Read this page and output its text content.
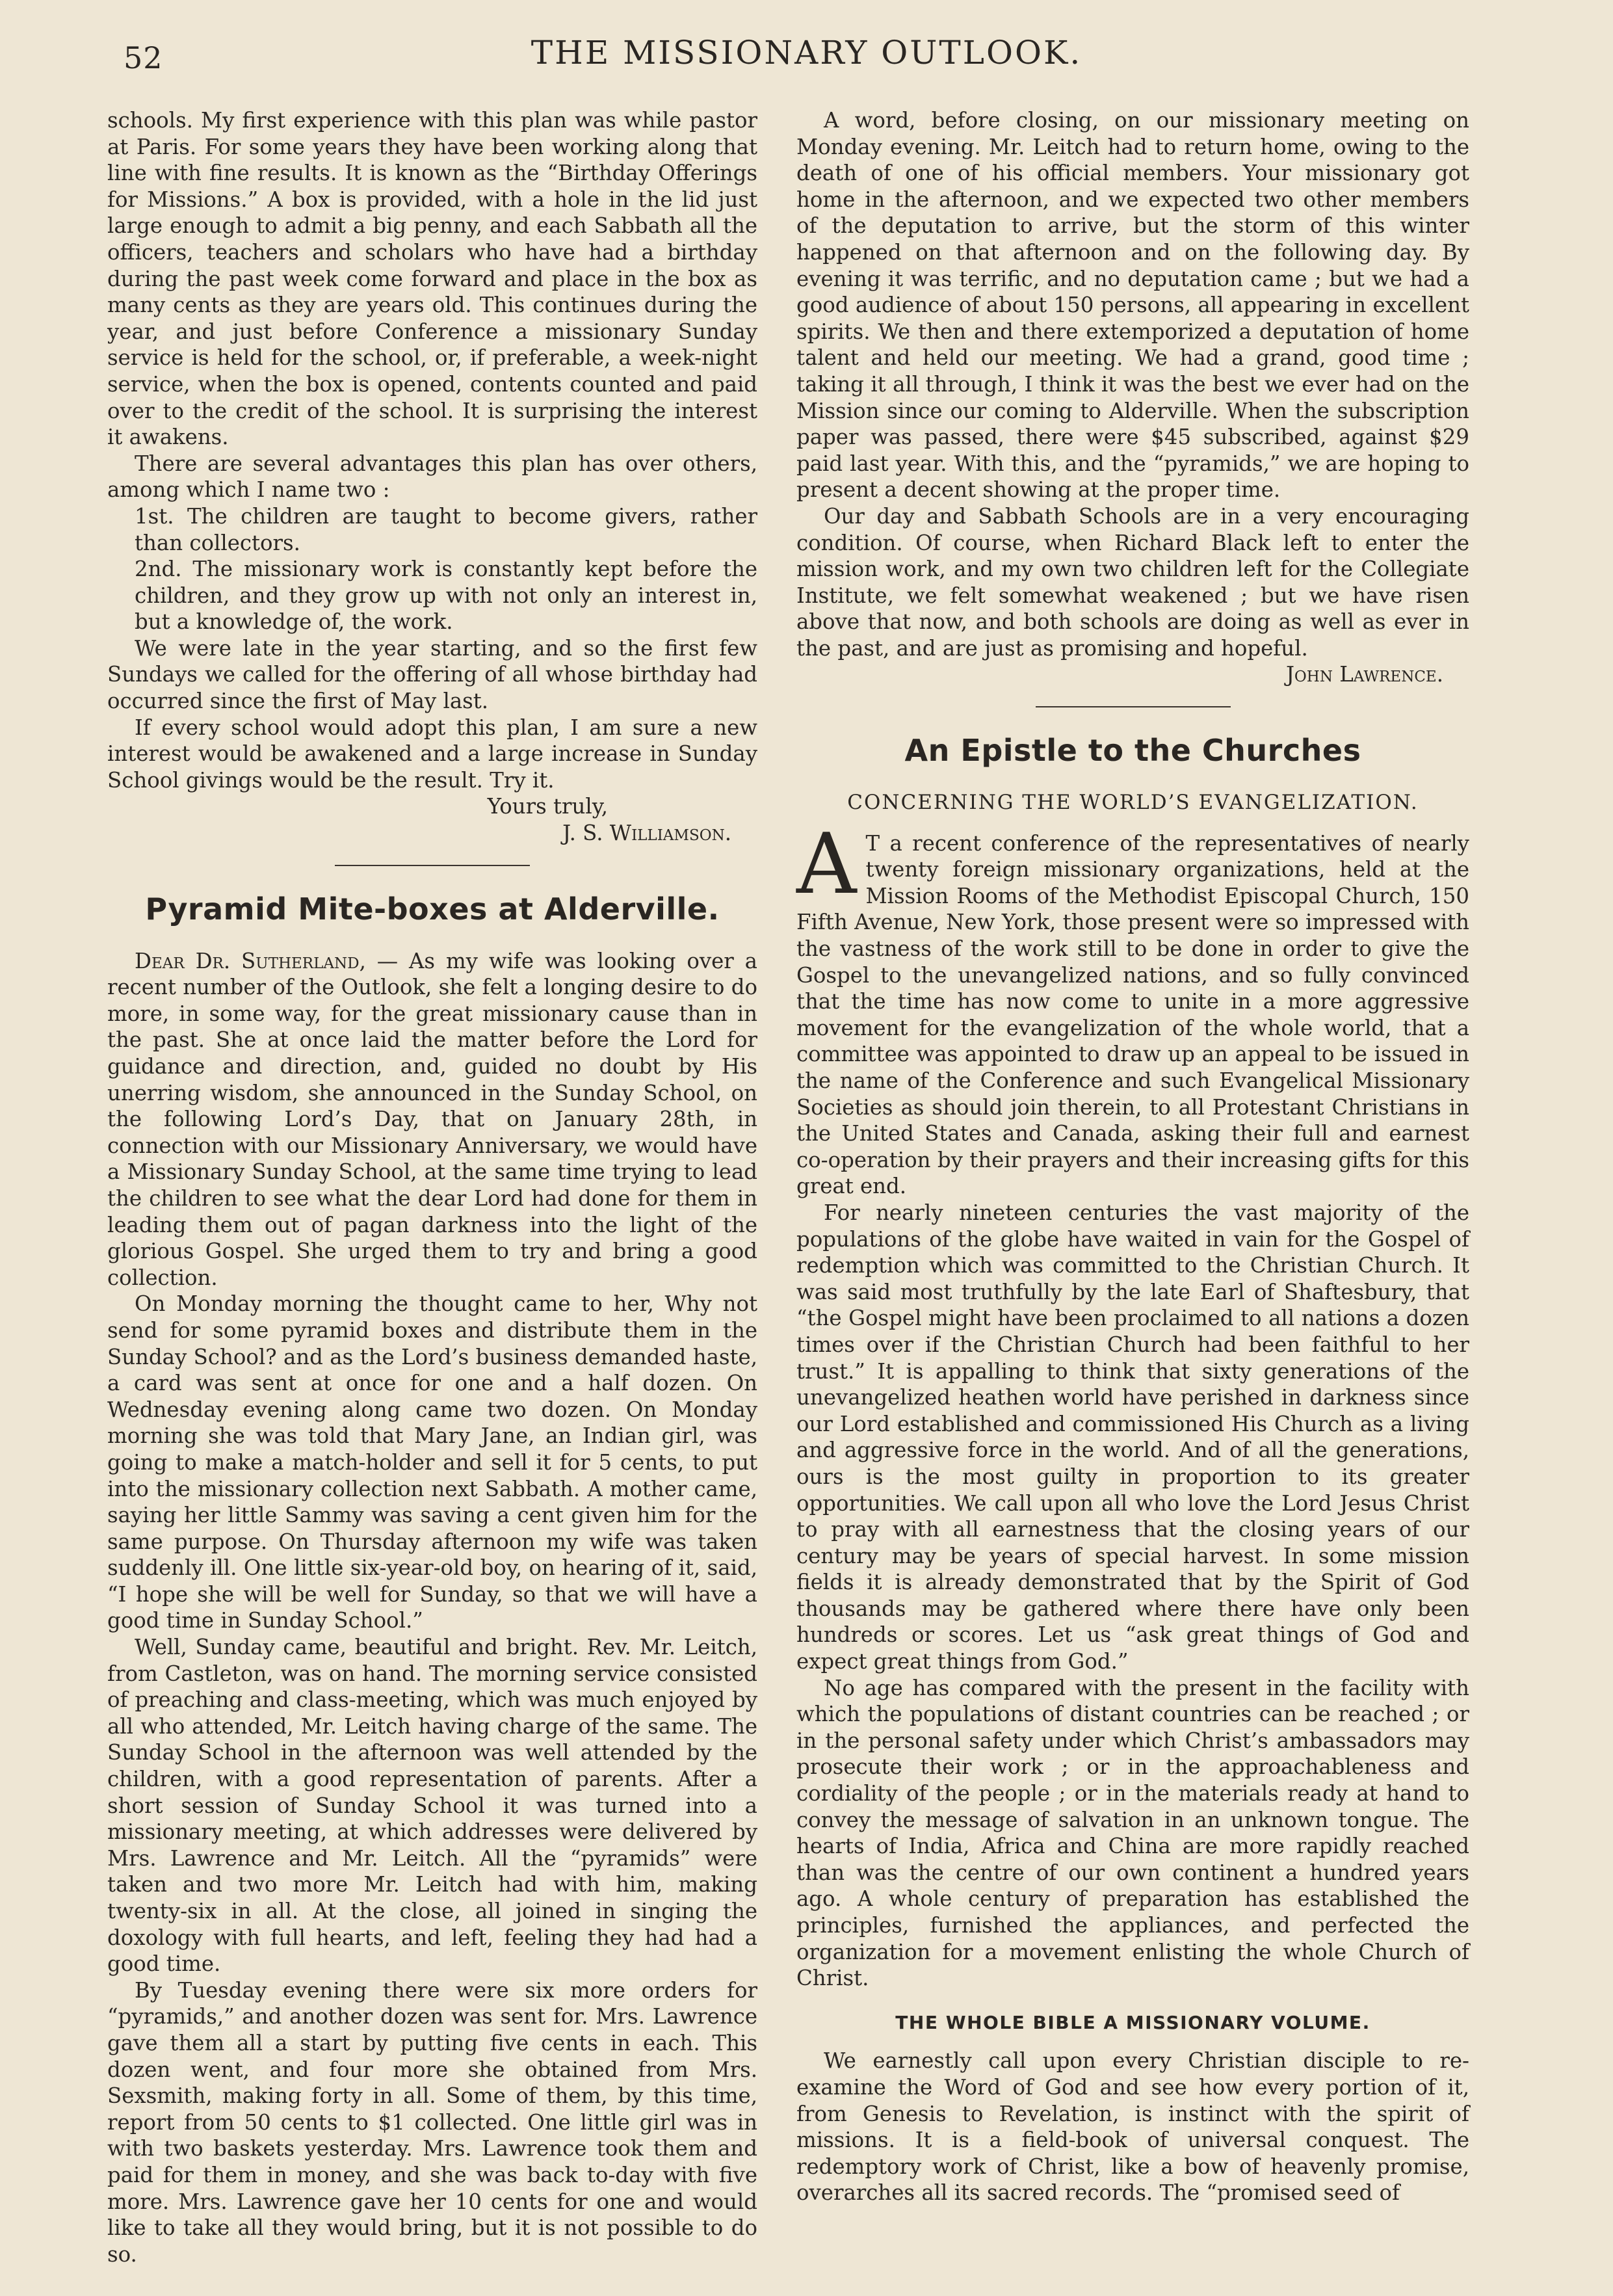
52	THE MISSIONARY OUTLOOK.

schools. My first experience with this plan was while pastor at Paris. For some years they have been working along that line with fine results. It is known as the “Birthday Offerings for Missions.” A box is provided, with a hole in the lid just large enough to admit a big penny, and each Sabbath all the officers, teachers and scholars who have had a birthday during the past week come forward and place in the box as many cents as they are years old. This continues during the year, and just before Conference a missionary Sunday service is held for the school, or, if preferable, a week-night service, when the box is opened, contents counted and paid over to the credit of the school. It is surprising the interest it awakens.

There are several advantages this plan has over others, among which I name two :

1st. The children are taught to become givers, rather than collectors.

2nd. The missionary work is constantly kept before the children, and they grow up with not only an interest in, but a knowledge of, the work.

We were late in the year starting, and so the first few Sundays we called for the offering of all whose birthday had occurred since the first of May last.

If every school would adopt this plan, I am sure a new interest would be awakened and a large increase in Sunday School givings would be the result. Try it.

Yours truly,

J. S. Williamson.

Pyramid Mite-boxes at Alderville.

Dear Dr. Sutherland, — As my wife was looking over a recent number of the Outlook, she felt a longing desire to do more, in some way, for the great missionary cause than in the past. She at once laid the matter before the Lord for guidance and direction, and, guided no doubt by His unerring wisdom, she announced in the Sunday School, on the following Lord’s Day, that on January 28th, in connection with our Missionary Anniversary, we would have a Missionary Sunday School, at the same time trying to lead the children to see what the dear Lord had done for them in leading them out of pagan darkness into the light of the glorious Gospel. She urged them to try and bring a good collection.

On Monday morning the thought came to her, Why not send for some pyramid boxes and distribute them in the Sunday School? and as the Lord’s business demanded haste, a card was sent at once for one and a half dozen. On Wednesday evening along came two dozen. On Monday morning she was told that Mary Jane, an Indian girl, was going to make a match-holder and sell it for 5 cents, to put into the missionary collection next Sabbath. A mother came, saying her little Sammy was saving a cent given him for the same purpose. On Thursday afternoon my wife was taken suddenly ill. One little six-year-old boy, on hearing of it, said, “I hope she will be well for Sunday, so that we will have a good time in Sunday School.”

Well, Sunday came, beautiful and bright. Rev. Mr. Leitch, from Castleton, was on hand. The morning service consisted of preaching and class-meeting, which was much enjoyed by all who attended, Mr. Leitch having charge of the same. The Sunday School in the afternoon was well attended by the children, with a good representation of parents. After a short session of Sunday School it was turned into a missionary meeting, at which addresses were delivered by Mrs. Lawrence and Mr. Leitch. All the “pyramids” were taken and two more Mr. Leitch had with him, making twenty-six in all. At the close, all joined in singing the doxology with full hearts, and left, feeling they had had a good time.

By Tuesday evening there were six more orders for “pyramids,” and another dozen was sent for. Mrs. Lawrence gave them all a start by putting five cents in each. This dozen went, and four more she obtained from Mrs. Sexsmith, making forty in all. Some of them, by this time, report from 50 cents to $1 collected. One little girl was in with two baskets yesterday. Mrs. Lawrence took them and paid for them in money, and she was back to-day with five more. Mrs. Lawrence gave her 10 cents for one and would like to take all they would bring, but it is not possible to do so.

A word, before closing, on our missionary meeting on Monday evening. Mr. Leitch had to return home, owing to the death of one of his official members. Your missionary got home in the afternoon, and we expected two other members of the deputation to arrive, but the storm of this winter happened on that afternoon and on the following day. By evening it was terrific, and no deputation came ; but we had a good audience of about 150 persons, all appearing in excellent spirits. We then and there extemporized a deputation of home talent and held our meeting. We had a grand, good time ; taking it all through, I think it was the best we ever had on the Mission since our coming to Alderville. When the subscription paper was passed, there were $45 subscribed, against $29 paid last year. With this, and the “pyramids,” we are hoping to present a decent showing at the proper time.

Our day and Sabbath Schools are in a very encouraging condition. Of course, when Richard Black left to enter the mission work, and my own two children left for the Collegiate Institute, we felt somewhat weakened ; but we have risen above that now, and both schools are doing as well as ever in the past, and are just as promising and hopeful.

John Lawrence.

An Epistle to the Churches
CONCERNING THE WORLD’S EVANGELIZATION.

A T a recent conference of the representatives of nearly twenty foreign missionary organizations, held at the Mission Rooms of the Methodist Episcopal Church, 150 Fifth Avenue, New York, those present were so impressed with the vastness of the work still to be done in order to give the Gospel to the unevangelized nations, and so fully convinced that the time has now come to unite in a more aggressive movement for the evangelization of the whole world, that a committee was appointed to draw up an appeal to be issued in the name of the Conference and such Evangelical Missionary Societies as should join therein, to all Protestant Christians in the United States and Canada, asking their full and earnest co-operation by their prayers and their increasing gifts for this great end.

For nearly nineteen centuries the vast majority of the populations of the globe have waited in vain for the Gospel of redemption which was committed to the Christian Church. It was said most truthfully by the late Earl of Shaftesbury, that “the Gospel might have been proclaimed to all nations a dozen times over if the Christian Church had been faithful to her trust.” It is appalling to think that sixty generations of the unevangelized heathen world have perished in darkness since our Lord established and commissioned His Church as a living and aggressive force in the world. And of all the generations, ours is the most guilty in proportion to its greater opportunities. We call upon all who love the Lord Jesus Christ to pray with all earnestness that the closing years of our century may be years of special harvest. In some mission fields it is already demonstrated that by the Spirit of God thousands may be gathered where there have only been hundreds or scores. Let us “ask great things of God and expect great things from God.”

No age has compared with the present in the facility with which the populations of distant countries can be reached ; or in the personal safety under which Christ’s ambassadors may prosecute their work ; or in the approachableness and cordiality of the people ; or in the materials ready at hand to convey the message of salvation in an unknown tongue. The hearts of India, Africa and China are more rapidly reached than was the centre of our own continent a hundred years ago. A whole century of preparation has established the principles, furnished the appliances, and perfected the organization for a movement enlisting the whole Church of Christ.

THE WHOLE BIBLE A MISSIONARY VOLUME.

We earnestly call upon every Christian disciple to re-examine the Word of God and see how every portion of it, from Genesis to Revelation, is instinct with the spirit of missions. It is a field-book of universal conquest. The redemptory work of Christ, like a bow of heavenly promise, overarches all its sacred records. The “promised seed of
